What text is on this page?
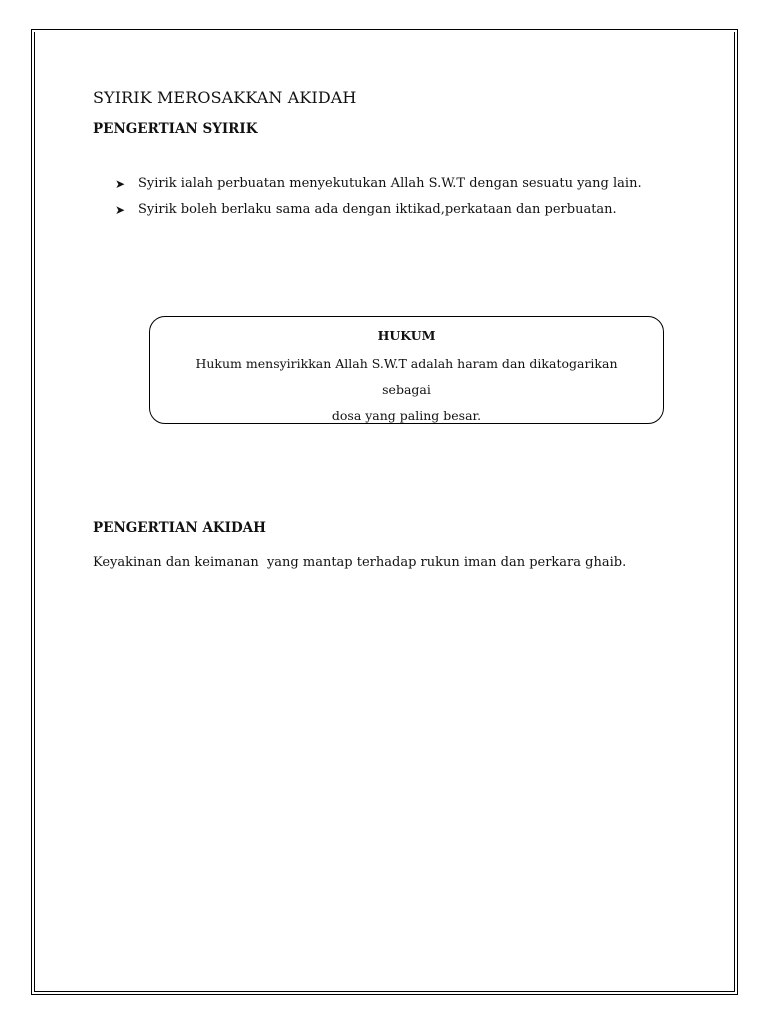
SYIRIK MEROSAKKAN AKIDAH
PENGERTIAN SYIRIK
➤ Syirik ialah perbuatan menyekutukan Allah S.W.T dengan sesuatu yang lain.
➤ Syirik boleh berlaku sama ada dengan iktikad,perkataan dan perbuatan.
HUKUM
Hukum mensyirikkan Allah S.W.T adalah haram dan dikatogarikan sebagai
dosa yang paling besar.
PENGERTIAN AKIDAH

Keyakinan dan keimanan  yang mantap terhadap rukun iman dan perkara ghaib.
